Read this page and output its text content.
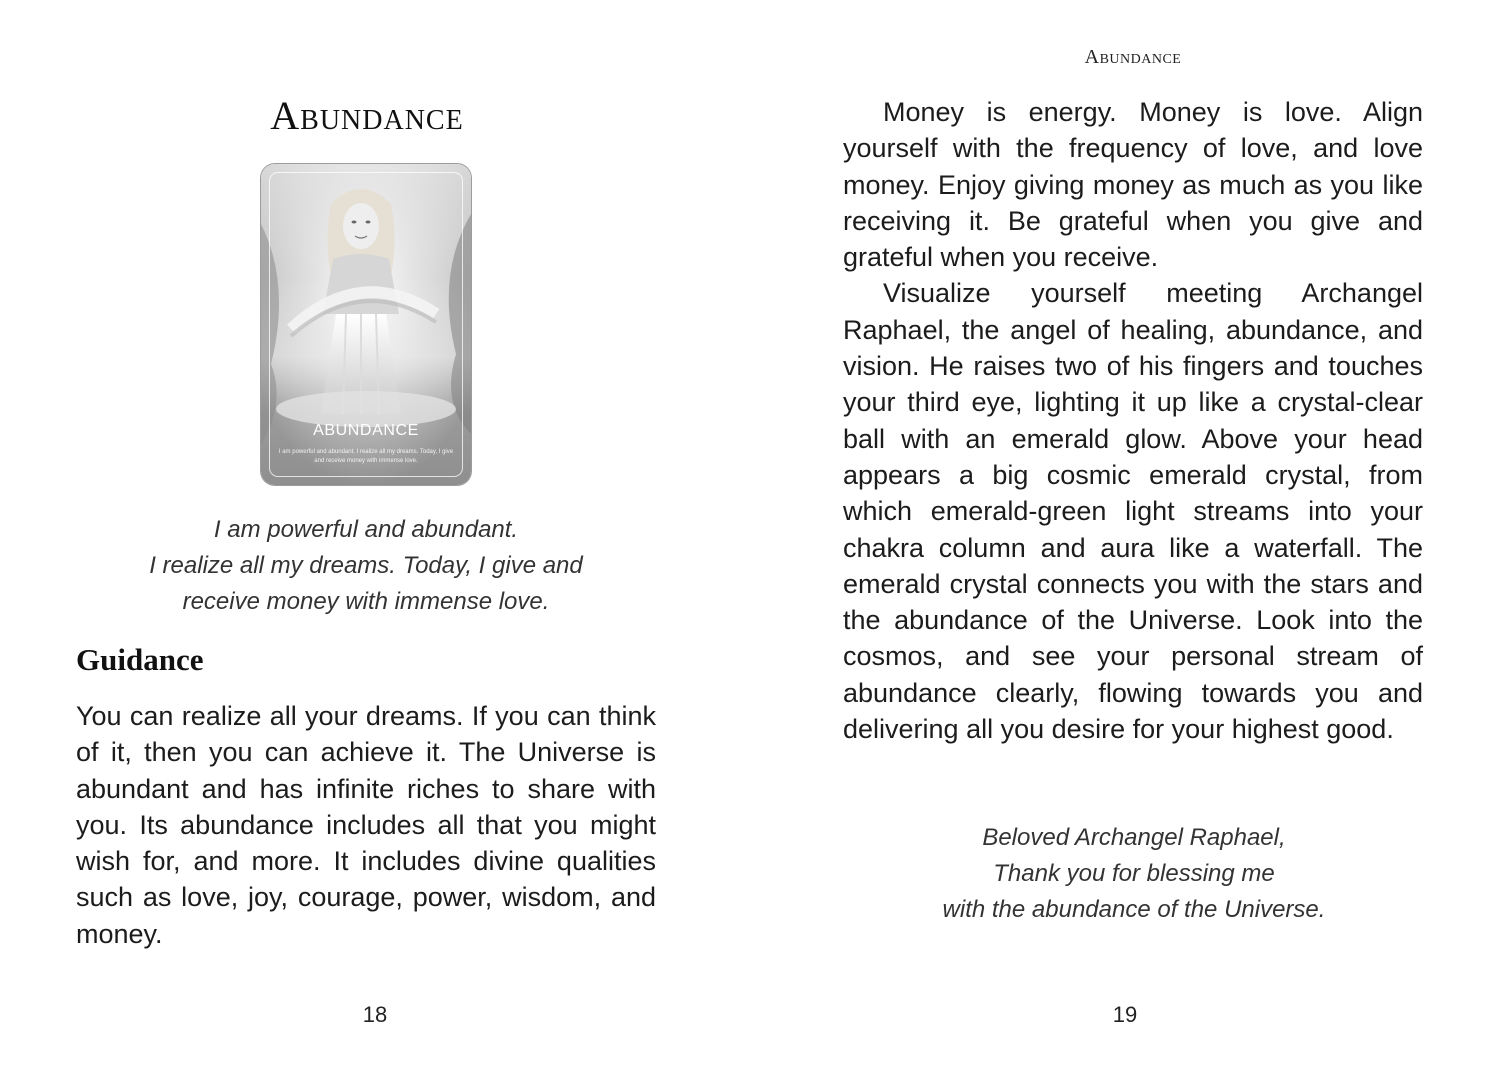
Abundance
ABUNDANCE
I am powerful and abundant. I realize all my dreams. Today, I give and receive money with immense love.
I am powerful and abundant.
I realize all my dreams. Today, I give and
receive money with immense love.
Guidance

You can realize all your dreams. If you can think of it, then you can achieve it. The Universe is abundant and has infinite riches to share with you. Its abundance includes all that you might wish for, and more. It includes divine qualities such as love, joy, courage, power, wisdom, and money.

18
Abundance

Money is energy. Money is love. Align yourself with the frequency of love, and love money. Enjoy giving money as much as you like receiving it. Be grateful when you give and grateful when you receive.

Visualize yourself meeting Archangel Raphael, the angel of healing, abundance, and vision. He raises two of his fingers and touches your third eye, lighting it up like a crystal-clear ball with an emerald glow. Above your head appears a big cosmic emerald crystal, from which emerald-green light streams into your chakra column and aura like a waterfall. The emerald crystal connects you with the stars and the abundance of the Universe. Look into the cosmos, and see your personal stream of abundance clearly, flowing towards you and delivering all you desire for your highest good.

Beloved Archangel Raphael,
Thank you for blessing me
with the abundance of the Universe.
19
